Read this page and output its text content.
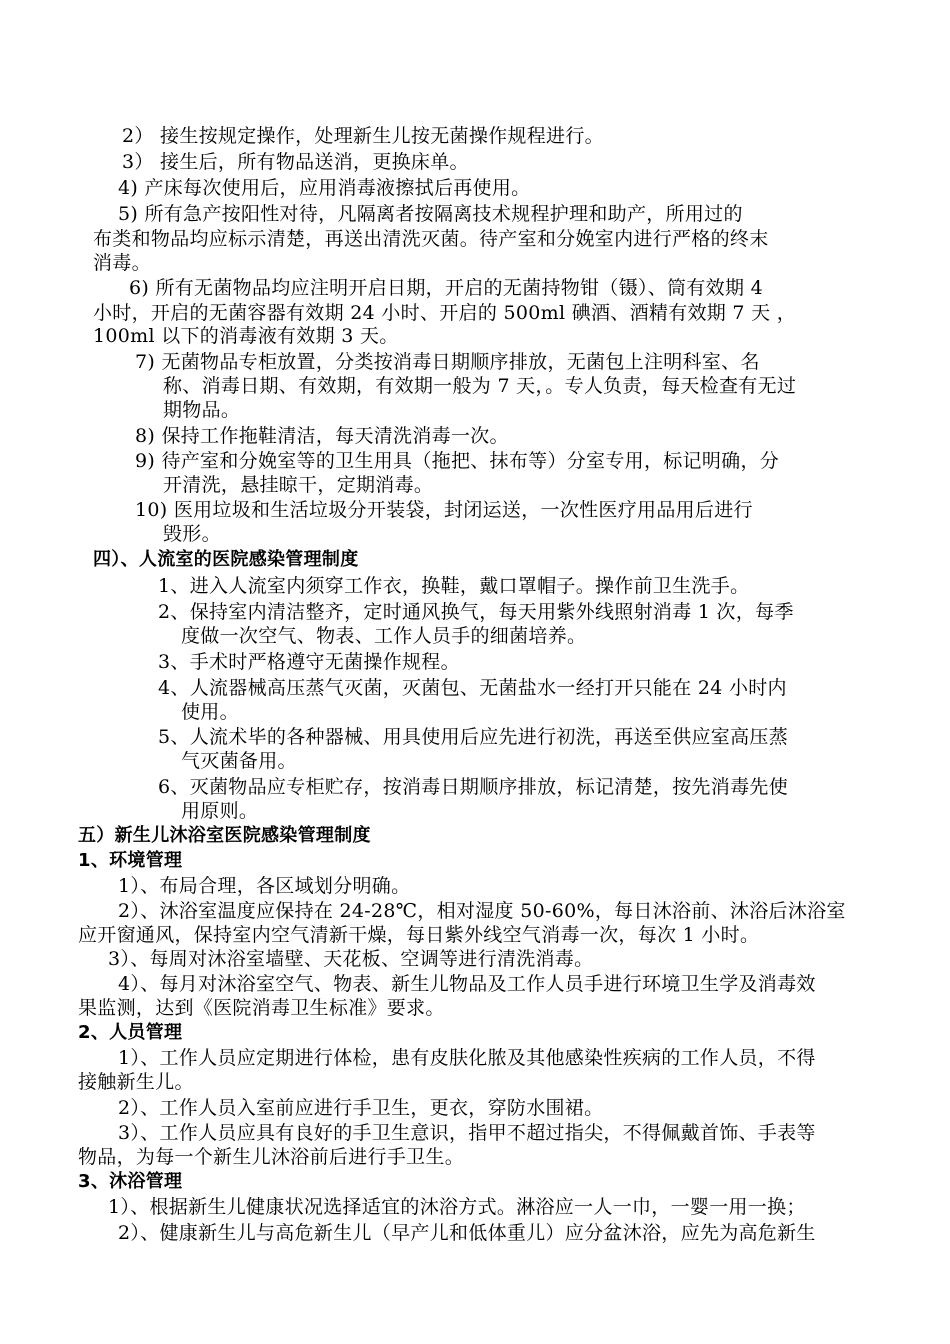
2） 接生按规定操作，处理新生儿按无菌操作规程进行。

3） 接生后，所有物品送消，更换床单。

4) 产床每次使用后，应用消毒液擦拭后再使用。

5) 所有急产按阳性对待，凡隔离者按隔离技术规程护理和助产，所用过的

布类和物品均应标示清楚，再送出清洗灭菌。待产室和分娩室内进行严格的终末

消毒。

6) 所有无菌物品均应注明开启日期，开启的无菌持物钳（镊）、筒有效期 4

小时，开启的无菌容器有效期 24 小时、开启的 500ml 碘酒、酒精有效期 7 天 ，

100ml 以下的消毒液有效期 3 天。

7) 无菌物品专柜放置，分类按消毒日期顺序排放，无菌包上注明科室、名

称、消毒日期、有效期，有效期一般为 7 天，。专人负责，每天检查有无过

期物品。

8) 保持工作拖鞋清洁，每天清洗消毒一次。

9) 待产室和分娩室等的卫生用具（拖把、抹布等）分室专用，标记明确，分

开清洗，悬挂晾干，定期消毒。

10) 医用垃圾和生活垃圾分开装袋，封闭运送，一次性医疗用品用后进行

毁形。

四）、人流室的医院感染管理制度

1、进入人流室内须穿工作衣，换鞋，戴口罩帽子。操作前卫生洗手。

2、保持室内清洁整齐，定时通风换气，每天用紫外线照射消毒 1 次，每季

度做一次空气、物表、工作人员手的细菌培养。

3、手术时严格遵守无菌操作规程。

4、人流器械高压蒸气灭菌，灭菌包、无菌盐水一经打开只能在 24 小时内

使用。

5、人流术毕的各种器械、用具使用后应先进行初洗，再送至供应室高压蒸

气灭菌备用。

6、灭菌物品应专柜贮存，按消毒日期顺序排放，标记清楚，按先消毒先使

用原则。

五）新生儿沐浴室医院感染管理制度

1、环境管理

1）、布局合理，各区域划分明确。

2）、沐浴室温度应保持在 24-28℃，相对湿度 50-60%，每日沐浴前、沐浴后沐浴室

应开窗通风，保持室内空气清新干燥，每日紫外线空气消毒一次，每次 1 小时。

3）、每周对沐浴室墙壁、天花板、空调等进行清洗消毒。

4）、每月对沐浴室空气、物表、新生儿物品及工作人员手进行环境卫生学及消毒效

果监测，达到《医院消毒卫生标准》要求。

2、人员管理

1）、工作人员应定期进行体检，患有皮肤化脓及其他感染性疾病的工作人员，不得

接触新生儿。

2）、工作人员入室前应进行手卫生，更衣，穿防水围裙。

3）、工作人员应具有良好的手卫生意识，指甲不超过指尖，不得佩戴首饰、手表等

物品，为每一个新生儿沐浴前后进行手卫生。

3、沐浴管理

1）、根据新生儿健康状况选择适宜的沐浴方式。淋浴应一人一巾，一婴一用一换；

2）、健康新生儿与高危新生儿（早产儿和低体重儿）应分盆沐浴，应先为高危新生
